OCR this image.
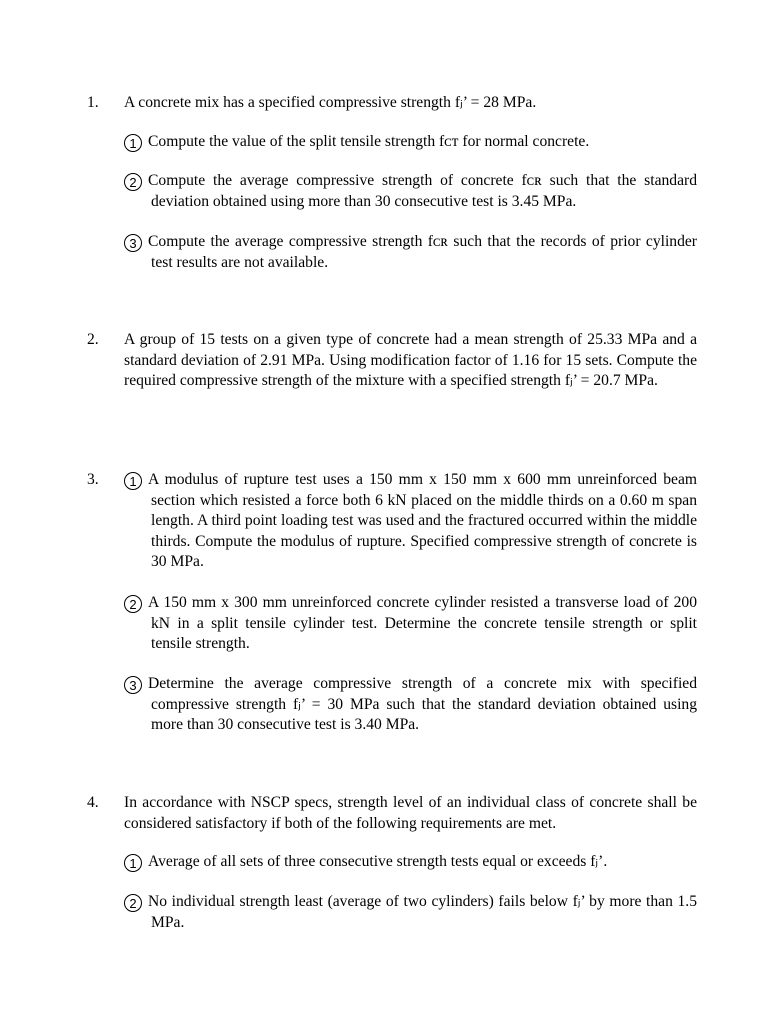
1. A concrete mix has a specified compressive strength fⱼ’ = 28 MPa.
1 Compute the value of the split tensile strength fᴄᴛ for normal concrete.
2 Compute the average compressive strength of concrete fᴄʀ such that the standard deviation obtained using more than 30 consecutive test is 3.45 MPa.
3 Compute the average compressive strength fᴄʀ such that the records of prior cylinder test results are not available.
2. A group of 15 tests on a given type of concrete had a mean strength of 25.33 MPa and a standard deviation of 2.91 MPa. Using modification factor of 1.16 for 15 sets. Compute the required compressive strength of the mixture with a specified strength fⱼ’ = 20.7 MPa.
3.	1 A modulus of rupture test uses a 150 mm x 150 mm x 600 mm unreinforced beam section which resisted a force both 6 kN placed on the middle thirds on a 0.60 m span length. A third point loading test was used and the fractured occurred within the middle thirds. Compute the modulus of rupture. Specified compressive strength of concrete is 30 MPa.
2 A 150 mm x 300 mm unreinforced concrete cylinder resisted a transverse load of 200 kN in a split tensile cylinder test. Determine the concrete tensile strength or split tensile strength.
3 Determine the average compressive strength of a concrete mix with specified compressive strength fⱼ’ = 30 MPa such that the standard deviation obtained using more than 30 consecutive test is 3.40 MPa.
4. In accordance with NSCP specs, strength level of an individual class of concrete shall be considered satisfactory if both of the following requirements are met.
1 Average of all sets of three consecutive strength tests equal or exceeds fⱼ’.
2 No individual strength least (average of two cylinders) fails below fⱼ’ by more than 1.5 MPa.
